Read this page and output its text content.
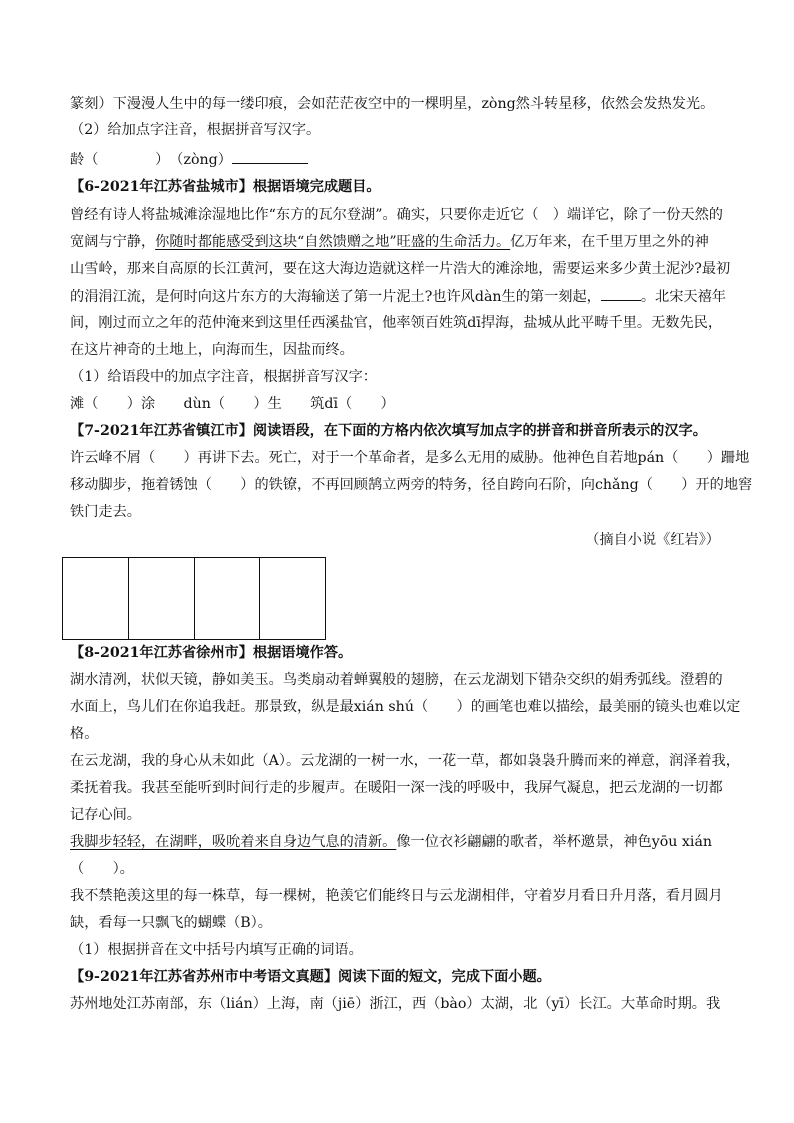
篆刻）下漫漫人生中的每一缕印痕，会如茫茫夜空中的一棵明星，zòng然斗转星移，依然会发热发光。
（2）给加点字注音，根据拼音写汉字。
龄（　　　　）　（zòng）
【6-2021年江苏省盐城市】根据语境完成题目。
曾经有诗人将盐城滩涂湿地比作“东方的瓦尔登湖”。确实，只要你走近它（　）端详它，除了一份天然的
宽阔与宁静，你随时都能感受到这块“自然馈赠之地”旺盛的生命活力。亿万年来，在千里万里之外的神
山雪岭，那来自高原的长江黄河，要在这大海边造就这样一片浩大的滩涂地，需要运来多少黄土泥沙?最初
的涓涓江流，是何时向这片东方的大海输送了第一片泥土?也许风dàn生的第一刻起，	。北宋天禧年
间，刚过而立之年的范仲淹来到这里任西溪盐官，他率领百姓筑dī捍海，盐城从此平畴千里。无数先民，
在这片神奇的土地上，向海而生，因盐而终。
（1）给语段中的加点字注音，根据拼音写汉字：
滩（　　）涂　　dùn（　　）生　　筑dī（　　）
【7-2021年江苏省镇江市】阅读语段，在下面的方格内依次填写加点字的拼音和拼音所表示的汉字。
许云峰不屑（　　）再讲下去。死亡，对于一个革命者，是多么无用的威胁。他神色自若地pán（　　）跚地
移动脚步，拖着锈蚀（　　）的铁镣，不再回顾鹄立两旁的特务，径自跨向石阶，向chǎng（　　）开的地窖
铁门走去。
（摘自小说《红岩》）
【8-2021年江苏省徐州市】根据语境作答。
湖水清冽，状似天镜，静如美玉。鸟类扇动着蝉翼般的翅膀，在云龙湖划下错杂交织的娟秀弧线。澄碧的
水面上，鸟儿们在你追我赶。那景致，纵是最xián shú（　　）的画笔也难以描绘，最美丽的镜头也难以定
格。
在云龙湖，我的身心从未如此（A）。云龙湖的一树一水，一花一草，都如袅袅升腾而来的禅意，润泽着我，
柔抚着我。我甚至能听到时间行走的步履声。在暖阳一深一浅的呼吸中，我屏气凝息，把云龙湖的一切都
记存心间。
我脚步轻轻，在湖畔，吸吮着来自身边气息的清新。像一位衣衫翩翩的歌者，举杯邀景，神色yōu xián
（　　）。
我不禁艳羡这里的每一株草，每一棵树，艳羡它们能终日与云龙湖相伴，守着岁月看日升月落，看月圆月
缺，看每一只飘飞的蝴蝶（B）。
（1）根据拼音在文中括号内填写正确的词语。
【9-2021年江苏省苏州市中考语文真题】阅读下面的短文，完成下面小题。
苏州地处江苏南部，东（lián）上海，南（jiē）浙江，西（bào）太湖，北（yī）长江。大革命时期。我
